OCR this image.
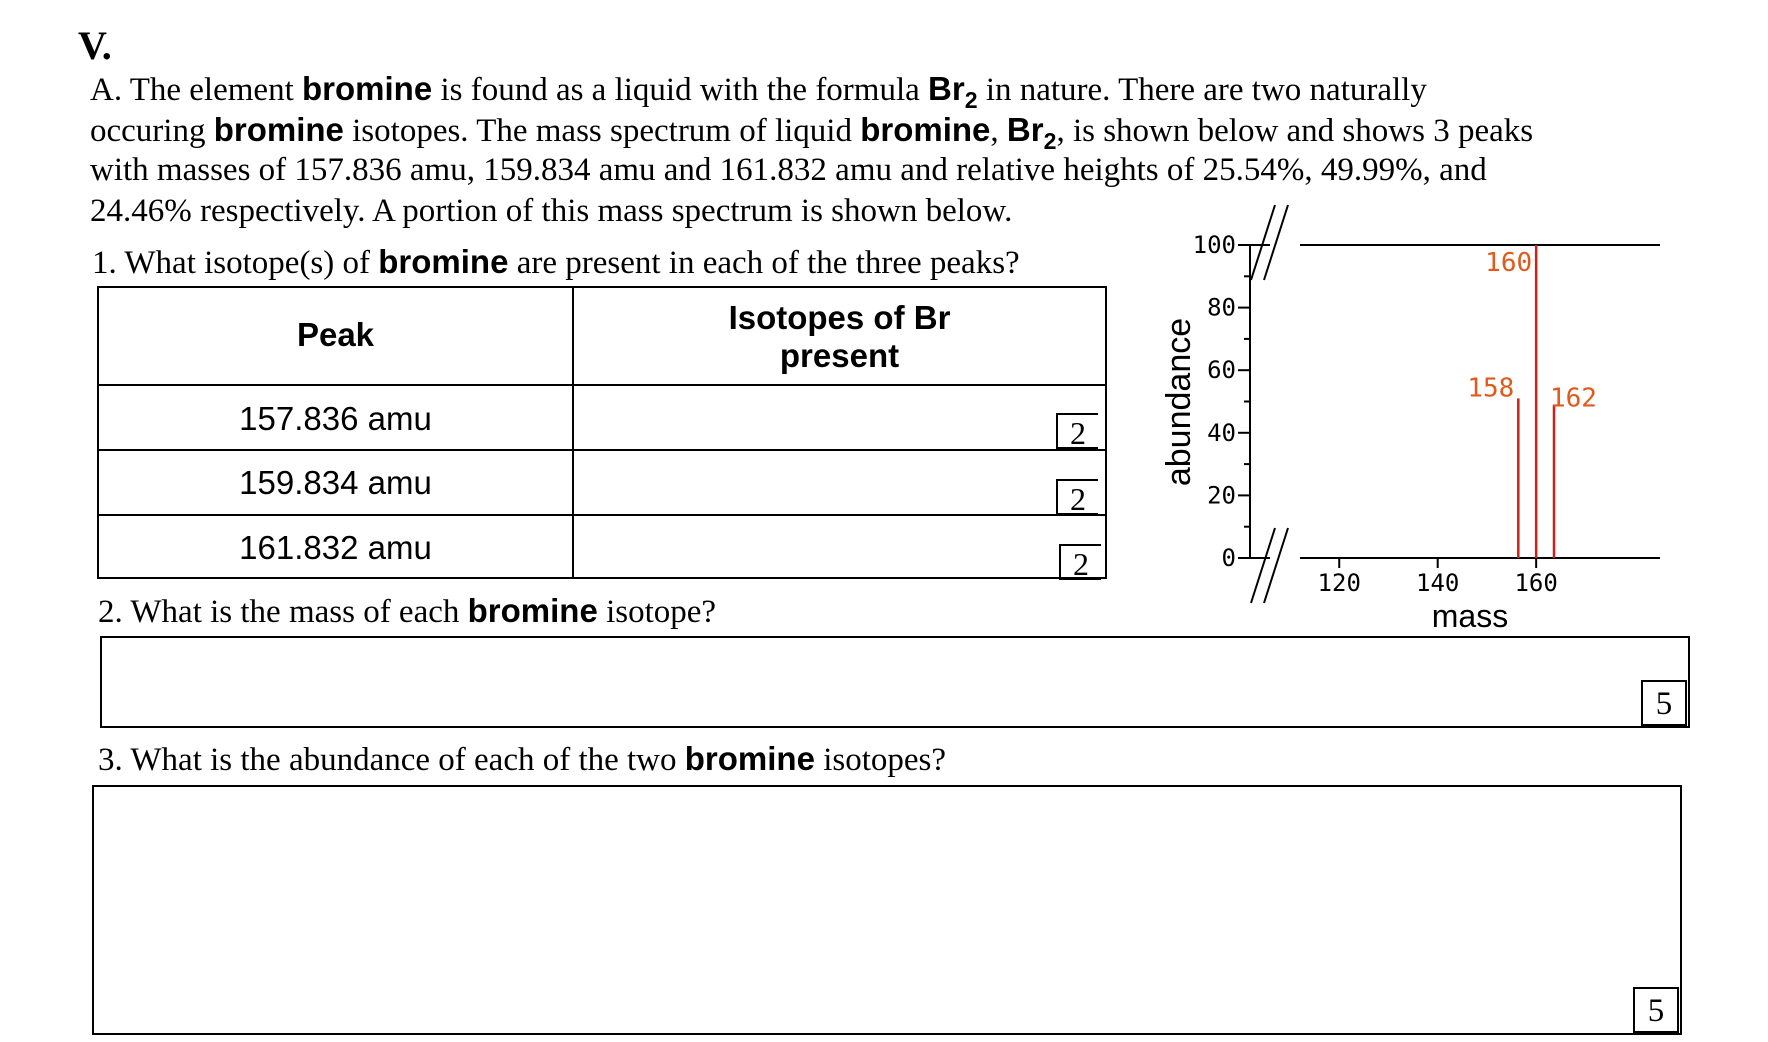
V.
A. The element bromine is found as a liquid with the formula $Br_2$ in nature. There are two naturally
occuring bromine isotopes. The mass spectrum of liquid bromine, $Br_2$, is shown below and shows 3 peaks
with masses of 157.836 amu, 159.834 amu and 161.832 amu and relative heights of 25.54%, 49.99%, and
24.46% respectively. A portion of this mass spectrum is shown below.
1. What isotope(s) of bromine are present in each of the three peaks?
Peak	Isotopes of Br
present
157.836 amu
159.834 amu
161.832 amu
2
2
2
2. What is the mass of each bromine isotope?
5
3. What is the abundance of each of the two bromine isotopes?
5
0
20
40
60
80
100
120 140 160
160
158 162
abundance
mass
